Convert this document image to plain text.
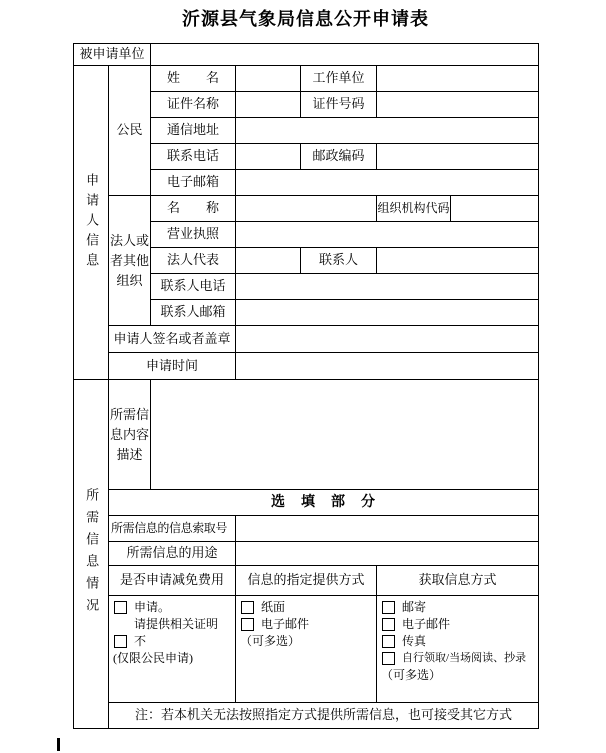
沂源县气象局信息公开申请表
被申请单位						

申请人信息	公民	姓　　名		工作单位		
		证件名称		证件号码		
		通信地址				
		联系电话		邮政编码		
		电子邮箱				
	法人或者其他组织	名　　称			组织机构代码	
		营业执照				
		法人代表		联系人		
		联系人电话				
		联系人邮箱				
	申请人签名或者盖章					
	申请时间					

所需信息情况	所需信息内容描述					
	选　填　部　分					
	所需信息的信息索取号					
	所需信息的用途					
	是否申请减免费用		信息的指定提供方式		获取信息方式	

申请。
请提供相关证明
不
(仅限公民申请)

纸面
电子邮件
（可多选）

邮寄
电子邮件
传真
自行领取/当场阅读、抄录
（可多选）

	注：若本机关无法按照指定方式提供所需信息，也可接受其它方式					
